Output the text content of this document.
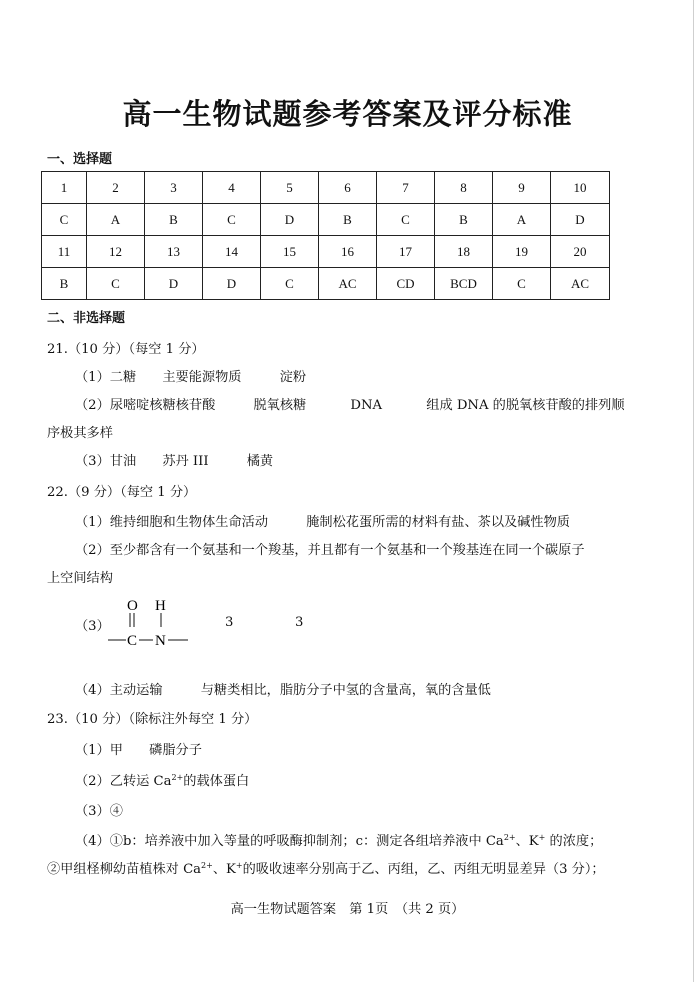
高一生物试题参考答案及评分标准
一、选择题
1	2	3	4	5	6	7	8	9	10
C	A	B	C	D	B	C	B	A	D
11	12	13	14	15	16	17	18	19	20
B	C	D	D	C	AC	CD	BCD	C	AC
二、非选择题
21.（10 分）（每空 1 分）
（1）二糖 主要能源物质	淀粉
（2）尿嘧啶核糖核苷酸	脱氧核糖	DNA	组成 DNA 的脱氧核苷酸的排列顺
序极其多样
（3）甘油 苏丹 III	橘黄
22.（9 分）（每空 1 分）
（1）维持细胞和生物体生命活动	腌制松花蛋所需的材料有盐、茶以及碱性物质
（2）至少都含有一个氨基和一个羧基，并且都有一个氨基和一个羧基连在同一个碳原子
上空间结构
（3）
O H
C N
3	3
（4）主动运输	与糖类相比，脂肪分子中氢的含量高，氧的含量低
23.（10 分）（除标注外每空 1 分）
（1）甲 磷脂分子
（2）乙转运 $Ca^{2+}$的载体蛋白
（3）④
（4）①b：培养液中加入等量的呼吸酶抑制剂；c：测定各组培养液中 $Ca^{2+}$、K+ 的浓度；
②甲组柽柳幼苗植株对 $Ca^{2+}$、K+的吸收速率分别高于乙、丙组，乙、丙组无明显差异（3 分）；
高一生物试题答案　第 1页　（共 2 页）
